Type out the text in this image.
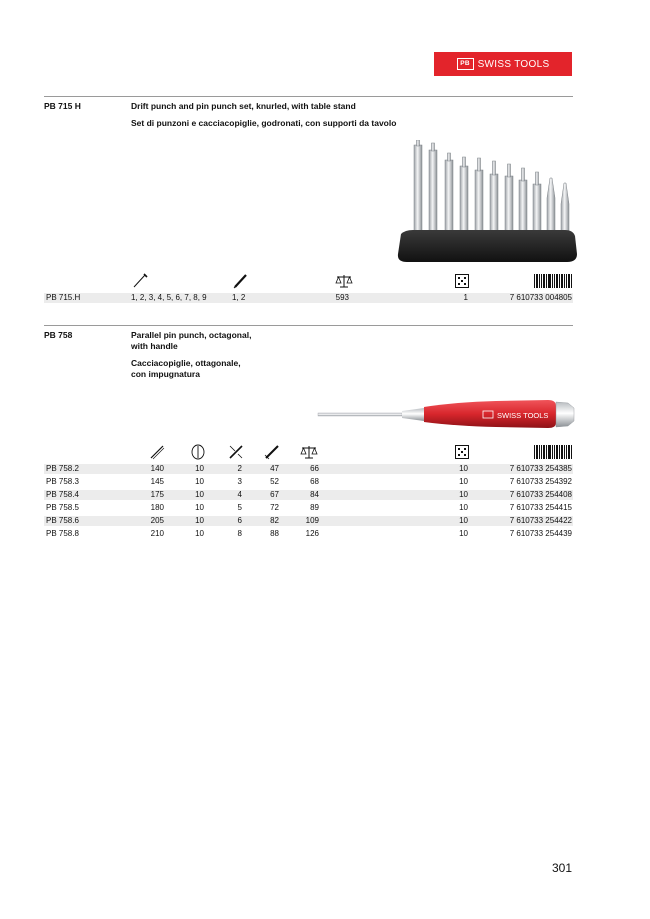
PB SWISS TOOLS
PB 715 H	Drift punch and pin punch set, knurled, with table stand
Set di punzoni e cacciacopiglie, godronati, con supporti da tavolo
PB 715.H	1, 2, 3, 4, 5, 6, 7, 8, 9	1, 2	593	1	7 610733 004805
PB 758	Parallel pin punch, octagonal,
with handle
Cacciacopiglie, ottagonale,
con impugnatura
SWISS TOOLS
PB 758.2	140	10	2	47	66	10	7 610733 254385
PB 758.3	145	10	3	52	68	10	7 610733 254392
PB 758.4	175	10	4	67	84	10	7 610733 254408
PB 758.5	180	10	5	72	89	10	7 610733 254415
PB 758.6	205	10	6	82	109	10	7 610733 254422
PB 758.8	210	10	8	88	126	10	7 610733 254439
301
